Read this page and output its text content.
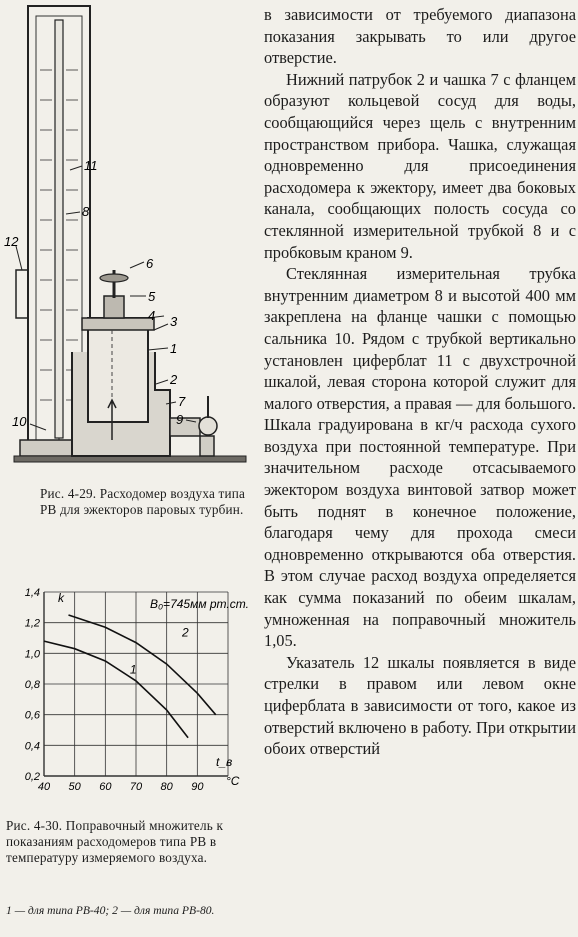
6
5
4 3
1
2
7
9
10
11
8
12

Рис. 4-29. Расходомер воздуха типа РВ для эжекторов паровых турбин.

0,2
0,4
0,6
0,8
1,0
1,2
1,4
40 50 60 70 80 90
1
2
k	B₀=745мм рт.ст.
t_в
°С

Рис. 4-30. Поправочный множитель к показаниям расходомеров типа РВ в температуру измеряемого воздуха.

1 — для типа РВ-40; 2 — для типа РВ-80.

в зависимости от требуемого диапазона показания закрывать то или другое отверстие.

Нижний патрубок 2 и чашка 7 с фланцем образуют кольцевой сосуд для воды, сообщающийся через щель с внутренним пространством прибора. Чашка, служащая одновременно для присоединения расходомера к эжектору, имеет два боковых канала, сообщающих полость сосуда со стеклянной измерительной трубкой 8 и с пробковым краном 9.

Стеклянная измерительная трубка внутренним диаметром 8 и высотой 400 мм закреплена на фланце чашки с помощью сальника 10. Рядом с трубкой вертикально установлен циферблат 11 с двухстрочной шкалой, левая сторона которой служит для малого отверстия, а правая — для большого. Шкала градуирована в кг/ч расхода сухого воздуха при постоянной температуре. При значительном расходе отсасываемого эжектором воздуха винтовой затвор может быть поднят в конечное положение, благодаря чему для прохода смеси одновременно открываются оба отверстия. В этом случае расход воздуха определяется как сумма показаний по обеим шкалам, умноженная на поправочный множитель 1,05.

Указатель 12 шкалы появляется в виде стрелки в правом или левом окне циферблата в зависимости от того, какое из отверстий включено в работу. При открытии обоих отверстий
